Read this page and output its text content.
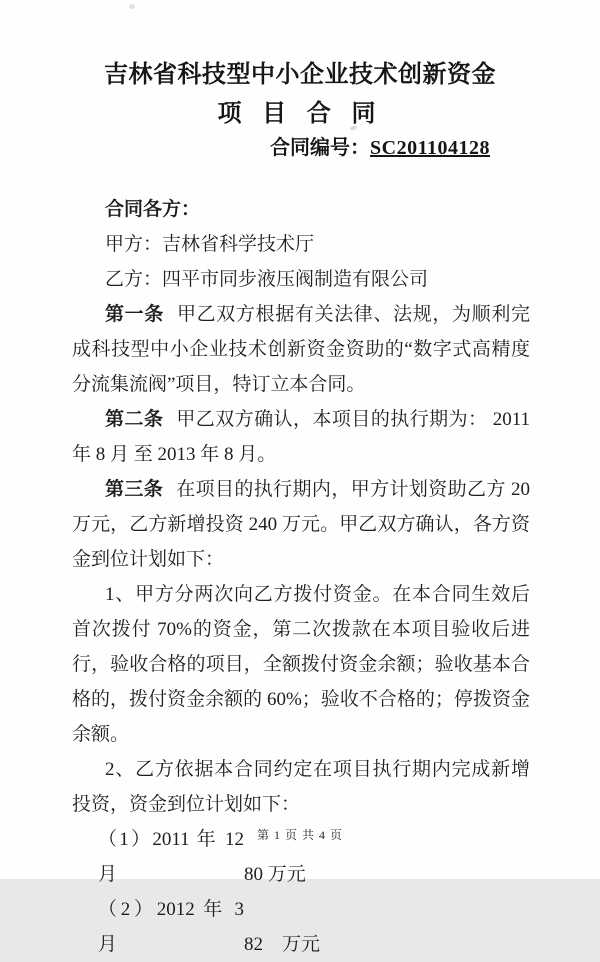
吉林省科技型中小企业技术创新资金
项 目 合 同
合同编号：SC201104128

合同各方：

甲方：吉林省科学技术厅

乙方：四平市同步液压阀制造有限公司

第一条 甲乙双方根据有关法律、法规，为顺利完成科技型中小企业技术创新资金资助的“数字式高精度分流集流阀”项目，特订立本合同。

第二条 甲乙双方确认，本项目的执行期为： 2011 年 8 月 至 2013 年 8 月。

第三条 在项目的执行期内，甲方计划资助乙方 20 万元，乙方新增投资 240 万元。甲乙双方确认，各方资金到位计划如下：

1、甲方分两次向乙方拨付资金。在本合同生效后首次拨付 70%的资金，第二次拨款在本项目验收后进行，验收合格的项目，全额拨付资金余额；验收基本合格的，拨付资金余额的 60%；验收不合格的；停拨资金余额。

2、乙方依据本合同约定在项目执行期内完成新增投资，资金到位计划如下：

（1）2011 年 12 月	80 万元

（2）2012 年 3 月	82　万元

第 1 页 共 4 页
